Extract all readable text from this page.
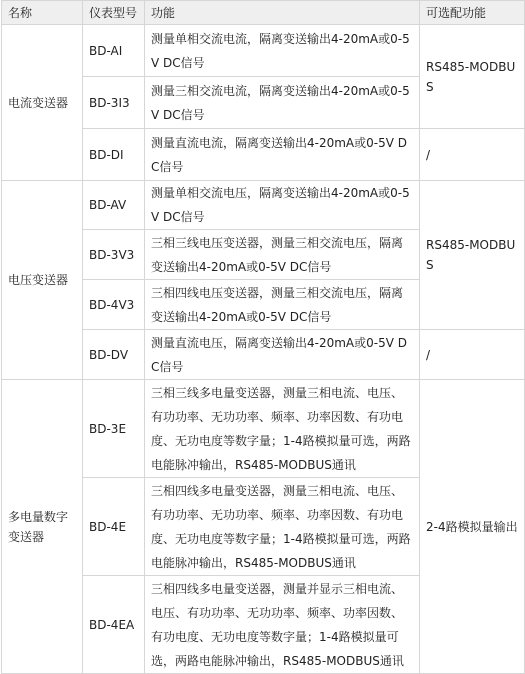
名称	仪表型号	功能	可选配功能
电流变送器	BD-AI	测量单相交流电流，隔离变送输出4-20mA或0-5V DC信号	RS485-MODBUS
	BD-3I3	测量三相交流电流，隔离变送输出4-20mA或0-5V DC信号	
	BD-DI	测量直流电流，隔离变送输出4-20mA或0-5V DC信号	/
电压变送器	BD-AV	测量单相交流电压，隔离变送输出4-20mA或0-5V DC信号	RS485-MODBUS
	BD-3V3	三相三线电压变送器，测量三相交流电压，隔离变送输出4-20mA或0-5V DC信号	
	BD-4V3	三相四线电压变送器，测量三相交流电压，隔离变送输出4-20mA或0-5V DC信号	
	BD-DV	测量直流电压，隔离变送输出4-20mA或0-5V DC信号	/
多电量数字变送器	BD-3E	三相三线多电量变送器，测量三相电流、电压、有功功率、无功功率、频率、功率因数、有功电度、无功电度等数字量；1-4路模拟量可选，两路电能脉冲输出，RS485-MODBUS通讯	2-4路模拟量输出
	BD-4E	三相四线多电量变送器，测量三相电流、电压、有功功率、无功功率、频率、功率因数、有功电度、无功电度等数字量；1-4路模拟量可选，两路电能脉冲输出，RS485-MODBUS通讯	
	BD-4EA	三相四线多电量变送器，测量并显示三相电流、电压、有功功率、无功功率、频率、功率因数、有功电度、无功电度等数字量；1-4路模拟量可选，两路电能脉冲输出，RS485-MODBUS通讯	
